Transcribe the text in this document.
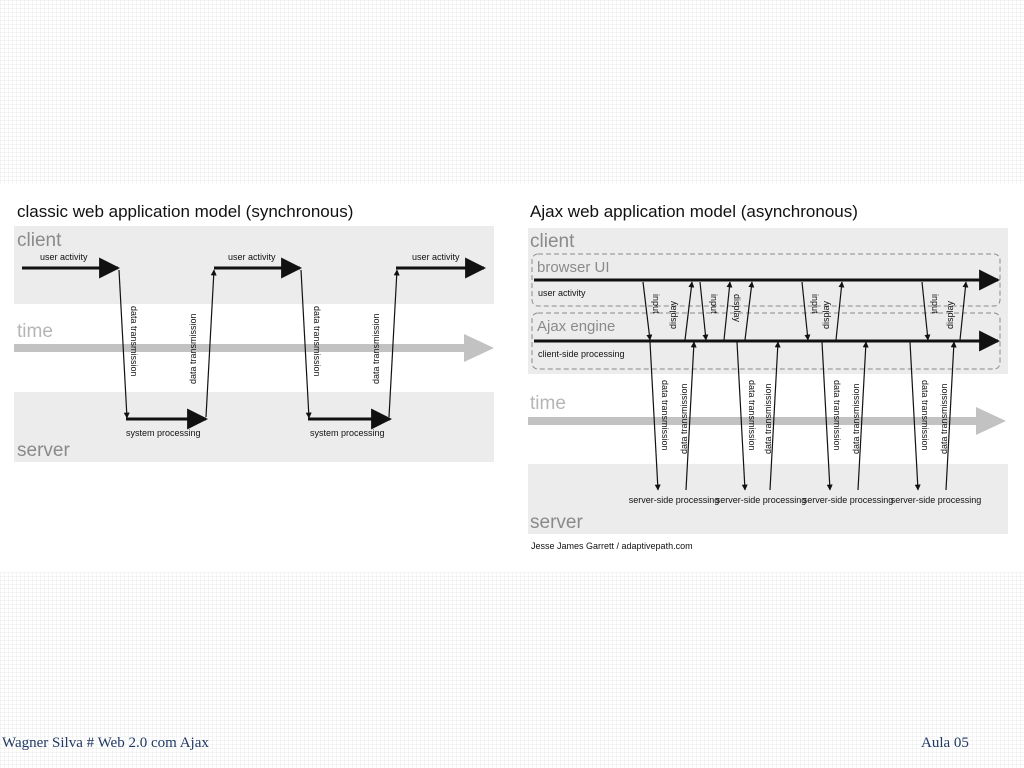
classic web application model (synchronous)
client
server
time
user activity	user activity	user activity
system processing	system processing
data transmission	data transmission	data transmission	data transmission
Ajax web application model (asynchronous)
client
browser UI
Ajax engine
user activity
client-side processing
time
server
input display	input
data transmission data transmission
server-side processing
display
data transmission data transmission
server-side processing
input display
data transmission data transmission
server-side processing
input display
data transmission data transmission
server-side processing
Jesse James Garrett / adaptivepath.com
Wagner Silva # Web 2.0 com Ajax	Aula 05
